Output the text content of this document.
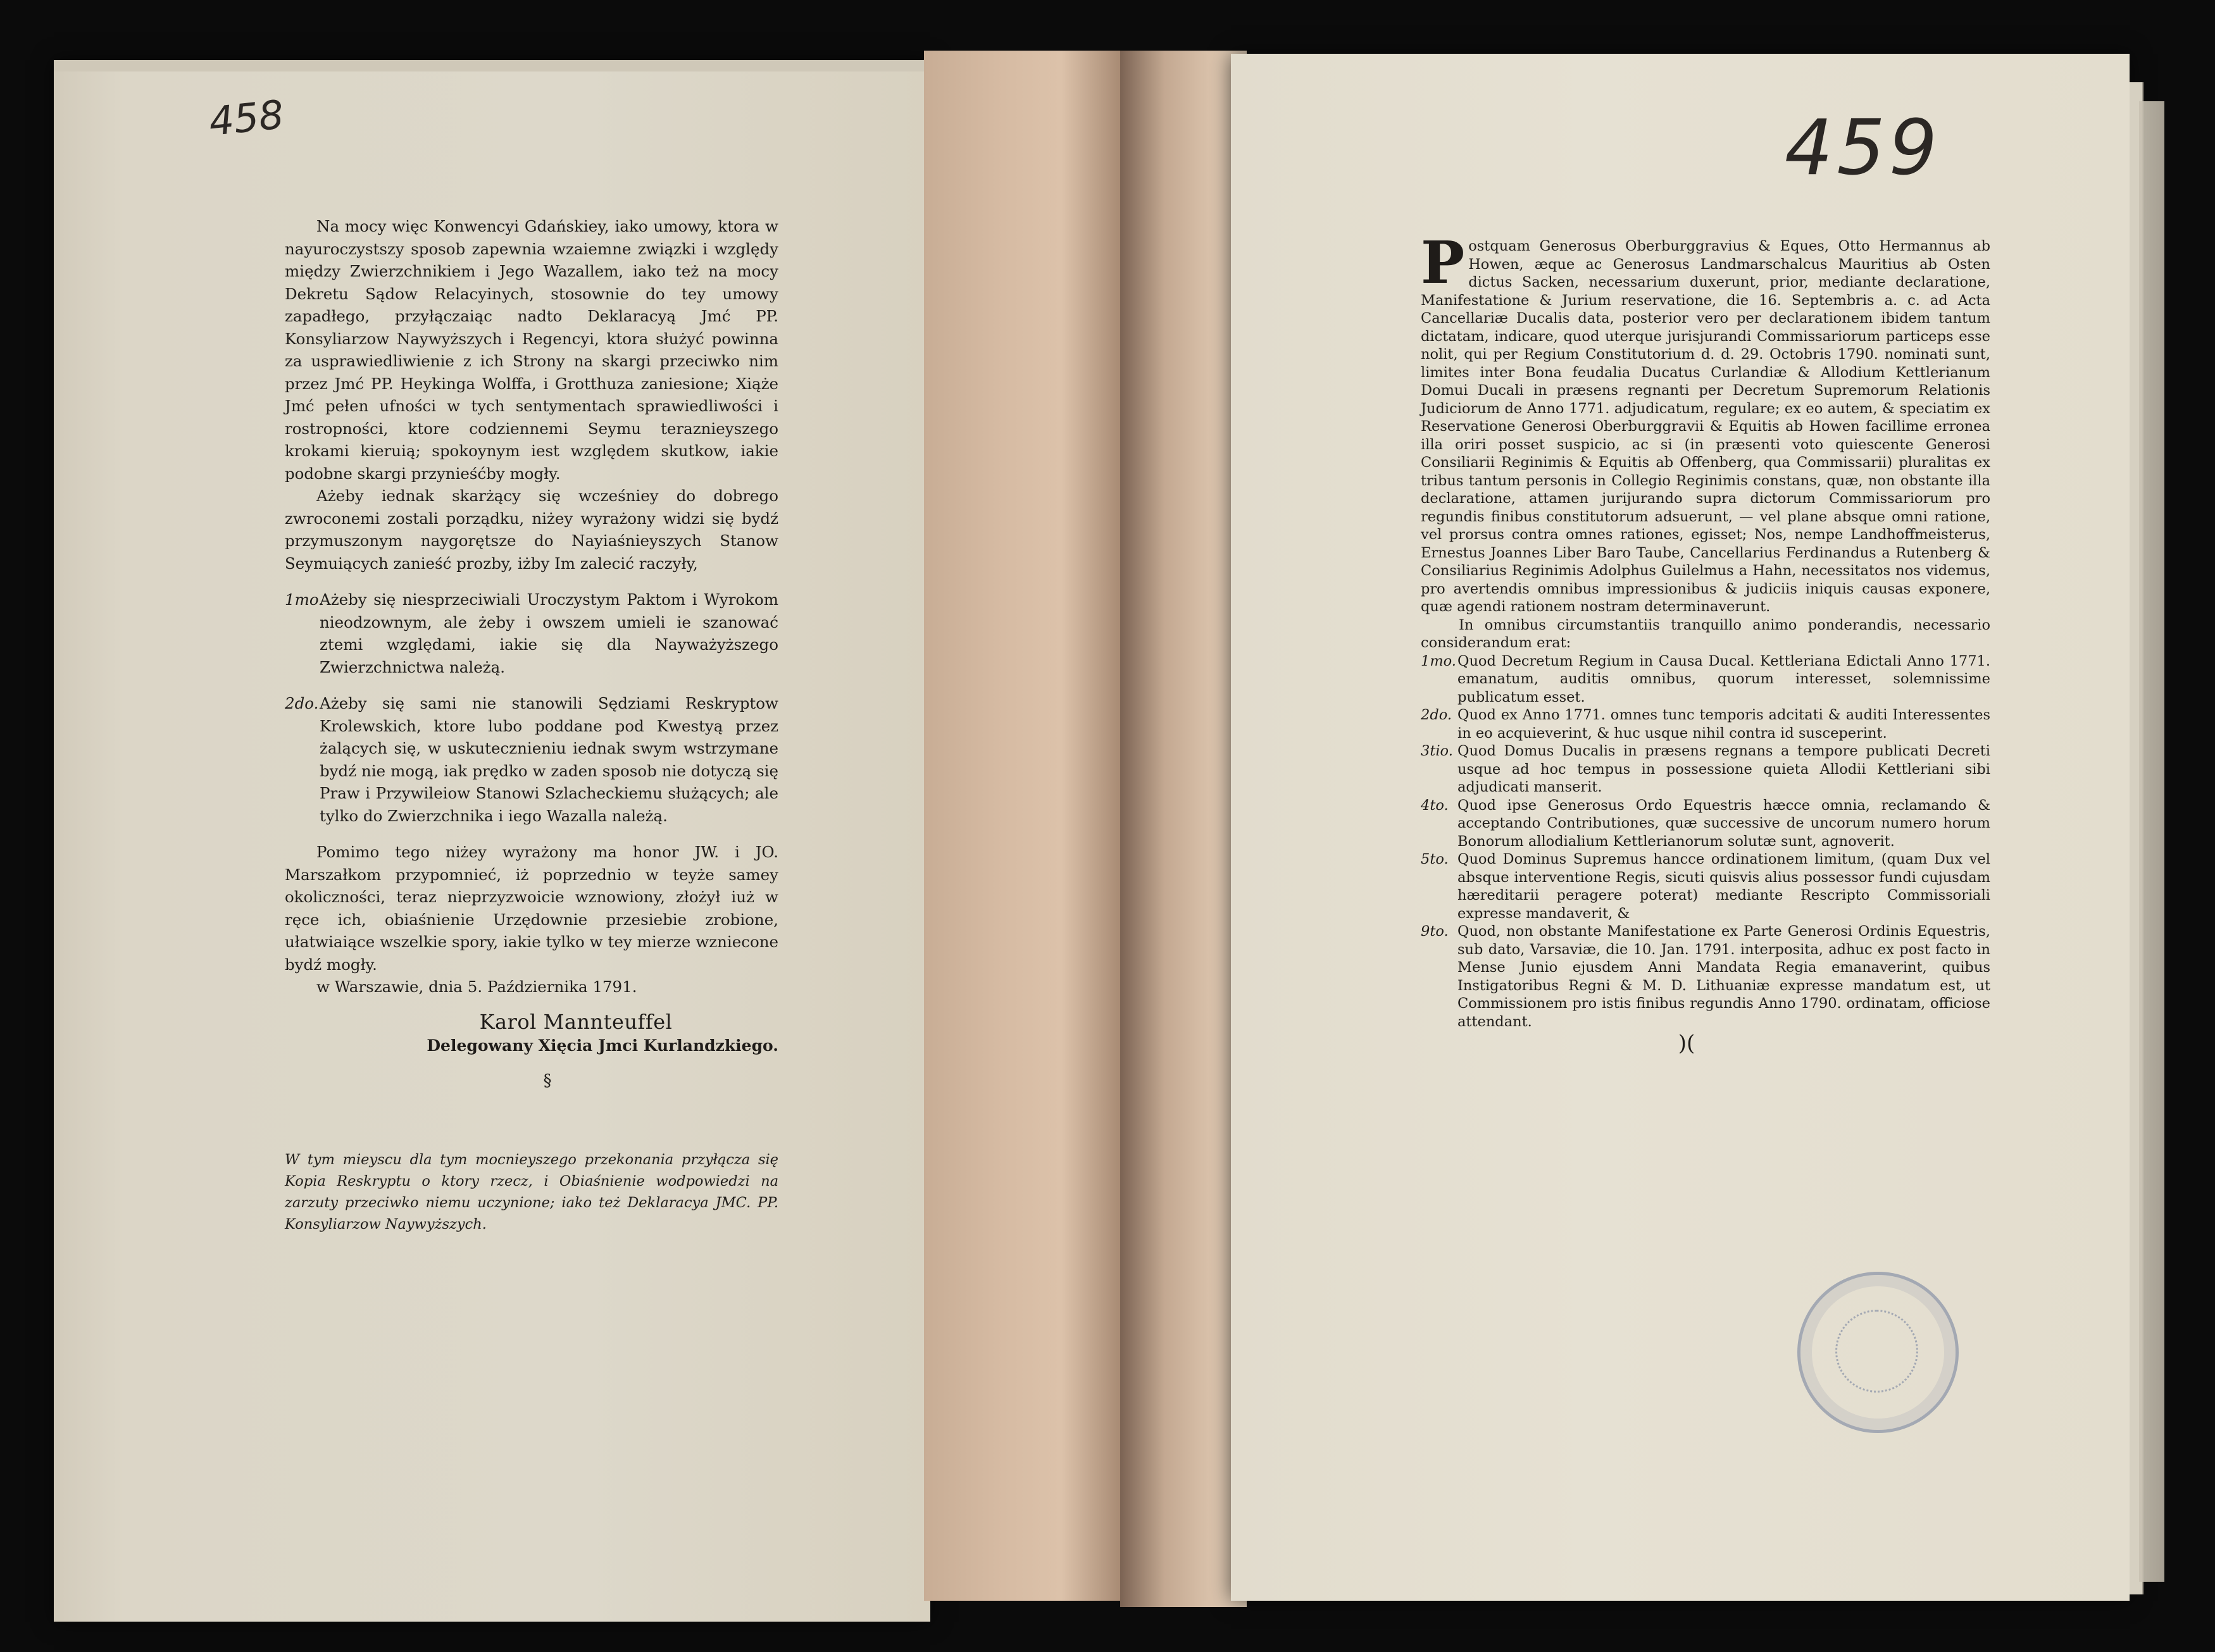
458	459

Na mocy więc Konwencyi Gdańskiey, iako umowy, ktora w nayuroczystszy sposob zapewnia wzaiemne związki i względy między Zwierzchnikiem i Jego Wazallem, iako też na mocy Dekretu Sądow Relacyinych, stosownie do tey umowy zapadłego, przyłączaiąc nadto Deklaracyą Jmć PP. Konsyliarzow Naywyższych i Regencyi, ktora służyć powinna za usprawiedliwienie z ich Strony na skargi przeciwko nim przez Jmć PP. Heykinga Wolffa, i Grotthuza zaniesione; Xiąże Jmć pełen ufności w tych sentymentach sprawiedliwości i rostropności, ktore codziennemi Seymu teraznieyszego krokami kieruią; spokoynym iest względem skutkow, iakie podobne skargi przynieśćby mogły.

Ażeby iednak skarżący się wcześniey do dobrego zwroconemi zostali porządku, niżey wyrażony widzi się bydź przymuszonym naygorętsze do Nayiaśnieyszych Stanow Seymuiących zanieść prozby, iżby Im zalecić raczyły,

1mo.
Ażeby się niesprzeciwiali Uroczystym Paktom i Wyrokom nieodzownym, ale żeby i owszem umieli ie szanować ztemi względami, iakie się dla Nayważyższego Zwierzchnictwa należą.
2do. Ażeby się sami nie stanowili Sędziami Reskryptow Krolewskich, ktore lubo poddane pod Kwestyą przez żalących się, w uskutecznieniu iednak swym wstrzymane bydź nie mogą, iak prędko w zaden sposob nie dotyczą się Praw i Przywileiow Stanowi Szlacheckiemu służących; ale tylko do Zwierzchnika i iego Wazalla należą.

Pomimo tego niżey wyrażony ma honor JW. i JO. Marszałkom przypomnieć, iż poprzednio w teyże samey okoliczności, teraz nieprzyzwoicie wznowiony, złożył iuż w ręce ich, obiaśnienie Urzędownie przesiebie zrobione, ułatwiaiące wszelkie spory, iakie tylko w tey mierze wzniecone bydź mogły.

w Warszawie, dnia 5. Października 1791.

Karol Mannteuffel
Delegowany Xięcia Jmci Kurlandzkiego.
§

W tym mieyscu dla tym mocnieyszego przekonania przyłącza się Kopia Reskryptu o ktory rzecz, i Obiaśnienie wodpowiedzi na zarzuty przeciwko niemu uczynione; iako też Deklaracya JMC. PP. Konsyliarzow Naywyższych.

Postquam Generosus Oberburggravius & Eques, Otto Hermannus ab Howen, æque ac Generosus Landmarschalcus Mauritius ab Osten dictus Sacken, necessarium duxerunt, prior, mediante declaratione, Manifestatione & Jurium reservatione, die 16. Septembris a. c. ad Acta Cancellariæ Ducalis data, posterior vero per declarationem ibidem tantum dictatam, indicare, quod uterque jurisjurandi Commissariorum particeps esse nolit, qui per Regium Constitutorium d. d. 29. Octobris 1790. nominati sunt, limites inter Bona feudalia Ducatus Curlandiæ & Allodium Kettlerianum Domui Ducali in præsens regnanti per Decretum Supremorum Relationis Judiciorum de Anno 1771. adjudicatum, regulare; ex eo autem, & speciatim ex Reservatione Generosi Oberburggravii & Equitis ab Howen facillime erronea illa oriri posset suspicio, ac si (in præsenti voto quiescente Generosi Consiliarii Reginimis & Equitis ab Offenberg, qua Commissarii) pluralitas ex tribus tantum personis in Collegio Reginimis constans, quæ, non obstante illa declaratione, attamen jurijurando supra dictorum Commissariorum pro regundis finibus constitutorum adsuerunt, — vel plane absque omni ratione, vel prorsus contra omnes rationes, egisset; Nos, nempe Landhoffmeisterus, Ernestus Joannes Liber Baro Taube, Cancellarius Ferdinandus a Rutenberg & Consiliarius Reginimis Adolphus Guilelmus a Hahn, necessitatos nos videmus, pro avertendis omnibus impressionibus & judiciis iniquis causas exponere, quæ agendi rationem nostram determinaverunt.

In omnibus circumstantiis tranquillo animo ponderandis, necessario considerandum erat:

1mo. Quod Decretum Regium in Causa Ducal. Kettleriana Edictali Anno 1771. emanatum, auditis omnibus, quorum interesset, solemnissime publicatum esset.
2do. Quod ex Anno 1771. omnes tunc temporis adcitati & auditi Interessentes in eo acquieverint, & huc usque nihil contra id susceperint.
3tio. Quod Domus Ducalis in præsens regnans a tempore publicati Decreti usque ad hoc tempus in possessione quieta Allodii Kettleriani sibi adjudicati manserit.
4to. Quod ipse Generosus Ordo Equestris hæcce omnia, reclamando & acceptando Contributiones, quæ successive de uncorum numero horum Bonorum allodialium Kettlerianorum solutæ sunt, agnoverit.
5to. Quod Dominus Supremus hancce ordinationem limitum, (quam Dux vel absque interventione Regis, sicuti quisvis alius possessor fundi cujusdam hæreditarii peragere poterat) mediante Rescripto Commissoriali expresse mandaverit, &
9to. Quod, non obstante Manifestatione ex Parte Generosi Ordinis Equestris, sub dato, Varsaviæ, die 10. Jan. 1791. interposita, adhuc ex post facto in Mense Junio ejusdem Anni Mandata Regia emanaverint, quibus Instigatoribus Regni & M. D. Lithuaniæ expresse mandatum est, ut Commissionem pro istis finibus regundis Anno 1790. ordinatam, officiose attendant.
)(
